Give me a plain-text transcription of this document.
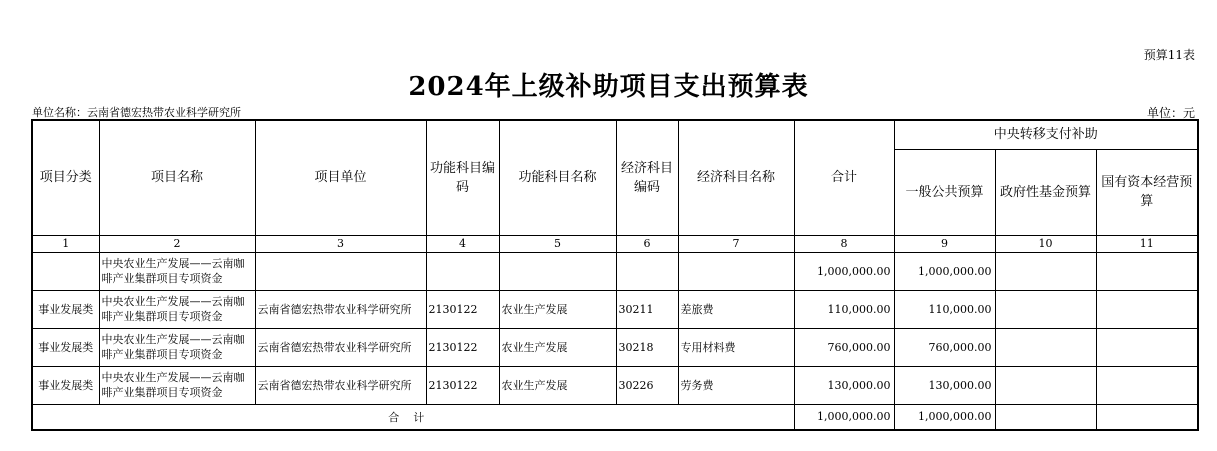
预算11表
2024年上级补助项目支出预算表
单位名称：云南省德宏热带农业科学研究所	单位：元
项目分类	项目名称	项目单位	功能科目编码	功能科目名称	经济科目编码	经济科目名称	合计	中央转移支付补助		
								一般公共预算	政府性基金预算	国有资本经营预算
1	2	3	4	5	6	7	8	9	10	11
	中央农业生产发展——云南咖啡产业集群项目专项资金						1,000,000.00	1,000,000.00		
事业发展类	中央农业生产发展——云南咖啡产业集群项目专项资金	云南省德宏热带农业科学研究所	2130122	农业生产发展	30211	差旅费	110,000.00	110,000.00		
事业发展类	中央农业生产发展——云南咖啡产业集群项目专项资金	云南省德宏热带农业科学研究所	2130122	农业生产发展	30218	专用材料费	760,000.00	760,000.00		
事业发展类	中央农业生产发展——云南咖啡产业集群项目专项资金	云南省德宏热带农业科学研究所	2130122	农业生产发展	30226	劳务费	130,000.00	130,000.00		
合计							1,000,000.00	1,000,000.00		
